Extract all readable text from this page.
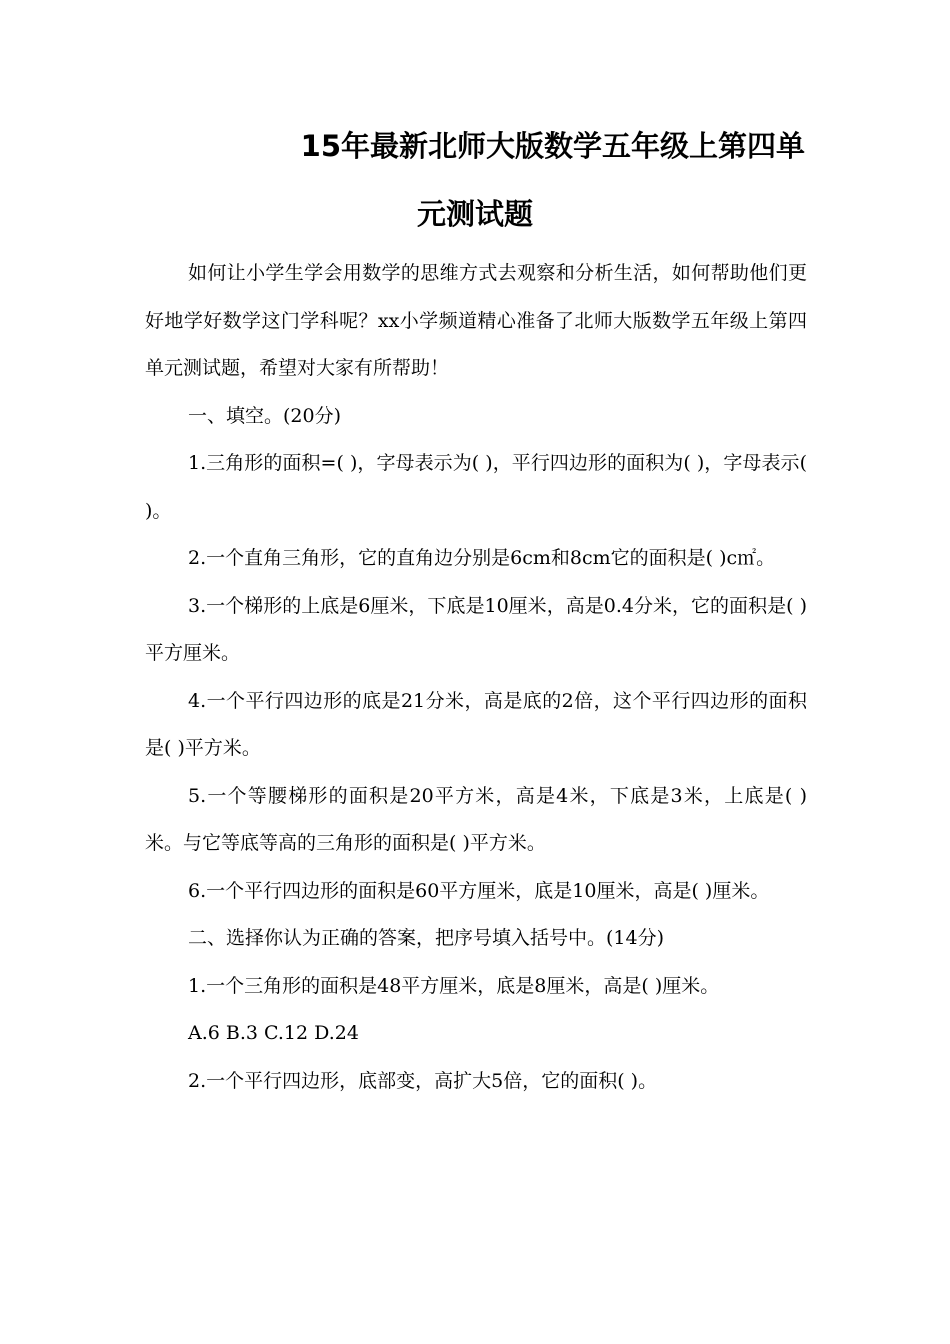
15年最新北师大版数学五年级上第四单
元测试题

如何让小学生学会用数学的思维方式去观察和分析生活，如何帮助他们更好地学好数学这门学科呢？xx小学频道精心准备了北师大版数学五年级上第四单元测试题，希望对大家有所帮助！

一、填空。(20分)

1.三角形的面积=( )，字母表示为( )，平行四边形的面积为( )，字母表示( )。

2.一个直角三角形，它的直角边分别是6cm和8cm它的面积是( )c㎡。

3.一个梯形的上底是6厘米，下底是10厘米，高是0.4分米，它的面积是( )平方厘米。

4.一个平行四边形的底是21分米，高是底的2倍，这个平行四边形的面积 是( )平方米。

5.一个等腰梯形的面积是20平方米，高是4米，下底是3米，上底是( )米。与它等底等高的三角形的面积是( )平方米。

6.一个平行四边形的面积是60平方厘米，底是10厘米，高是( )厘米。

二、选择你认为正确的答案，把序号填入括号中。(14分)

1.一个三角形的面积是48平方厘米，底是8厘米，高是( )厘米。

A.6 B.3 C.12 D.24

2.一个平行四边形，底部变，高扩大5倍，它的面积( )。
